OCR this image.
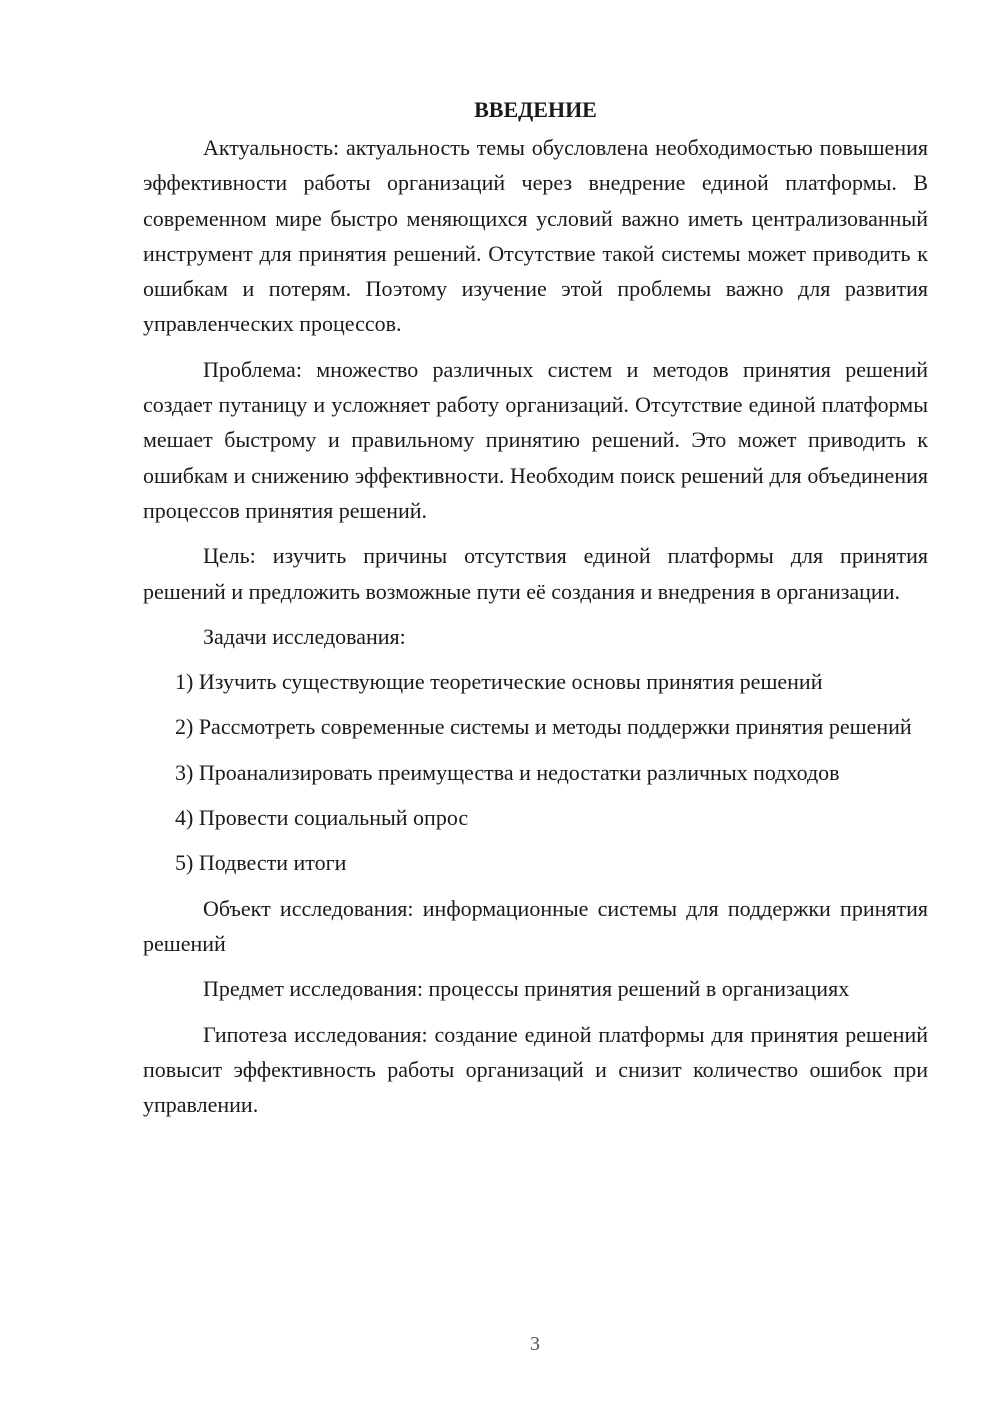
ВВЕДЕНИЕ

Актуальность: актуальность темы обусловлена необходимостью повышения эффективности работы организаций через внедрение единой платформы. В современном мире быстро меняющихся условий важно иметь централизованный инструмент для принятия решений. Отсутствие такой системы может приводить к ошибкам и потерям. Поэтому изучение этой проблемы важно для развития управленческих процессов.

Проблема: множество различных систем и методов принятия решений создает путаницу и усложняет работу организаций. Отсутствие единой платформы мешает быстрому и правильному принятию решений. Это может приводить к ошибкам и снижению эффективности. Необходим поиск решений для объединения процессов принятия решений.

Цель: изучить причины отсутствия единой платформы для принятия решений и предложить возможные пути её создания и внедрения в организации.

Задачи исследования:

1) Изучить существующие теоретические основы принятия решений

2) Рассмотреть современные системы и методы поддержки принятия решений

3) Проанализировать преимущества и недостатки различных подходов

4) Провести социальный опрос

5) Подвести итоги

Объект исследования: информационные системы для поддержки принятия решений

Предмет исследования: процессы принятия решений в организациях

Гипотеза исследования: создание единой платформы для принятия решений повысит эффективность работы организаций и снизит количество ошибок при управлении.

3
